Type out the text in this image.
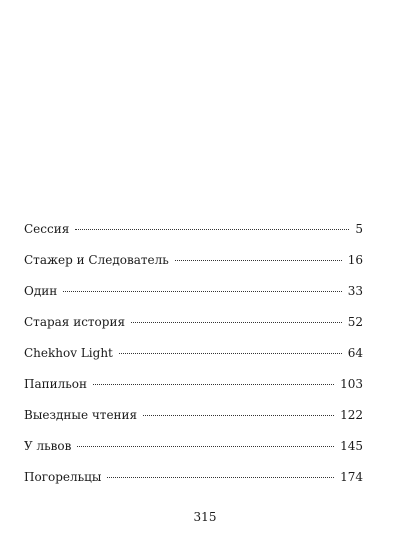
Сессия	5
Стажер и Следователь	16
Один	33
Старая история	52
Chekhov Light	64
Папильон	103
Выездные чтения	122
У львов	145
Погорельцы	174
315
